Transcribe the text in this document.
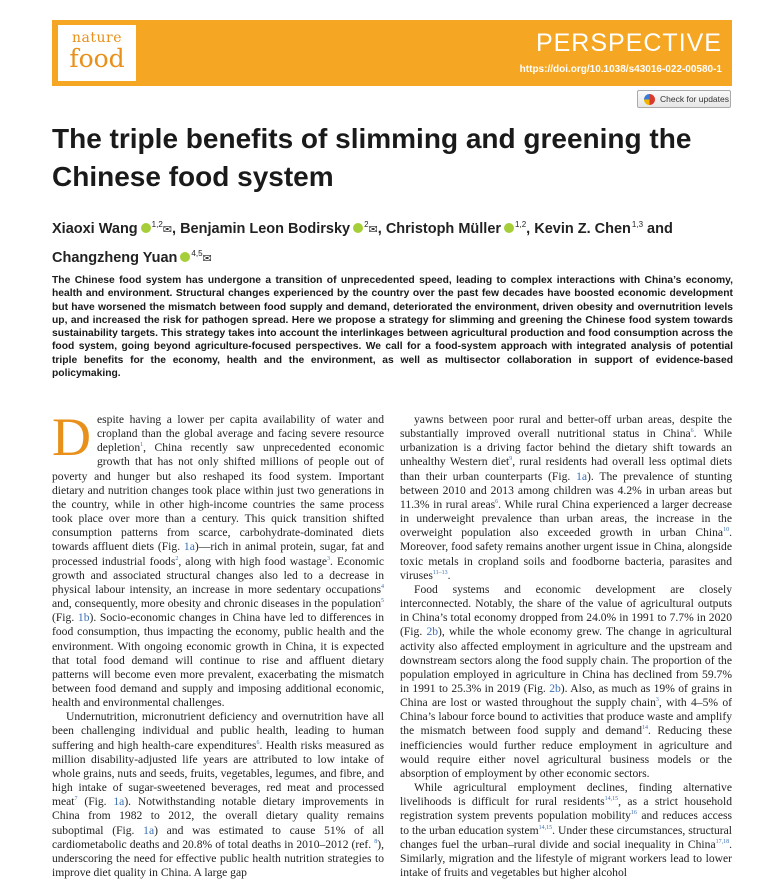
nature
food
PERSPECTIVE
https://doi.org/10.1038/s43016-022-00580-1
Check for updates
The triple benefits of slimming and greening the Chinese food system
Xiaoxi Wang $^{1,2}$✉, Benjamin Leon Bodirsky $^2$✉, Christoph Müller $^{1,2}$, Kevin Z. Chen$^{1,3}$ and Changzheng Yuan $^{4,5}$✉
The Chinese food system has undergone a transition of unprecedented speed, leading to complex interactions with China’s economy, health and environment. Structural changes experienced by the country over the past few decades have boosted economic development but have worsened the mismatch between food supply and demand, deteriorated the environment, driven obesity and overnutrition levels up, and increased the risk for pathogen spread. Here we propose a strategy for slimming and greening the Chinese food system towards sustainability targets. This strategy takes into account the interlinkages between agricultural production and food consumption across the food system, going beyond agriculture-focused perspectives. We call for a food-system approach with integrated analysis of potential triple benefits for the economy, health and the environment, as well as multisector collaboration in support of evidence-based policymaking.

Despite having a lower per capita availability of water and cropland than the global average and facing severe resource depletion$^1$, China recently saw unprecedented economic growth that has not only shifted millions of people out of poverty and hunger but also reshaped its food system. Important dietary and nutrition changes took place within just two generations in the country, while in other high-income countries the same process took place over more than a century. This quick transition shifted consumption patterns from scarce, carbohydrate-dominated diets towards affluent diets (Fig. 1a)—rich in animal protein, sugar, fat and processed industrial foods$^2$, along with high food wastage$^3$. Economic growth and associated structural changes also led to a decrease in physical labour intensity, an increase in more sedentary occupations$^4$ and, consequently, more obesity and chronic diseases in the population$^5$ (Fig. 1b). Socio-economic changes in China have led to differences in food consumption, thus impacting the economy, public health and the environment. With ongoing economic growth in China, it is expected that total food demand will continue to rise and affluent dietary patterns will become even more prevalent, exacerbating the mismatch between food demand and supply and imposing additional economic, health and environmental challenges.

Undernutrition, micronutrient deficiency and overnutrition have all been challenging individual and public health, leading to human suffering and high health-care expenditures$^6$. Health risks measured as million disability-adjusted life years are attributed to low intake of whole grains, nuts and seeds, fruits, vegetables, legumes, and fibre, and high intake of sugar-sweetened beverages, red meat and processed meat$^7$ (Fig. 1a). Notwithstanding notable dietary improvements in China from 1982 to 2012, the overall dietary quality remains suboptimal (Fig. 1a) and was estimated to cause 51% of all cardiometabolic deaths and 20.8% of total deaths in 2010–2012 (ref. $^8$), underscoring the need for effective public health nutrition strategies to improve diet quality in China. A large gap

yawns between poor rural and better-off urban areas, despite the substantially improved overall nutritional status in China$^6$. While urbanization is a driving factor behind the dietary shift towards an unhealthy Western diet$^9$, rural residents had overall less optimal diets than their urban counterparts (Fig. 1a). The prevalence of stunting between 2010 and 2013 among children was 4.2% in urban areas but 11.3% in rural areas$^6$. While rural China experienced a larger decrease in underweight prevalence than urban areas, the increase in the overweight population also exceeded growth in urban China$^{10}$. Moreover, food safety remains another urgent issue in China, alongside toxic metals in cropland soils and foodborne bacteria, parasites and viruses$^{11-13}$.

Food systems and economic development are closely interconnected. Notably, the share of the value of agricultural outputs in China’s total economy dropped from 24.0% in 1991 to 7.7% in 2020 (Fig. 2b), while the whole economy grew. The change in agricultural activity also affected employment in agriculture and the upstream and downstream sectors along the food supply chain. The proportion of the population employed in agriculture in China has declined from 59.7% in 1991 to 25.3% in 2019 (Fig. 2b). Also, as much as 19% of grains in China are lost or wasted throughout the supply chain$^3$, with 4–5% of China’s labour force bound to activities that produce waste and amplify the mismatch between food supply and demand$^{14}$. Reducing these inefficiencies would further reduce employment in agriculture and would require either novel agricultural business models or the absorption of employment by other economic sectors.

While agricultural employment declines, finding alternative livelihoods is difficult for rural residents$^{14,15}$, as a strict household registration system prevents population mobility$^{16}$ and reduces access to the urban education system$^{14,15}$. Under these circumstances, structural changes fuel the urban–rural divide and social inequality in China$^{17,18}$. Similarly, migration and the lifestyle of migrant workers lead to lower intake of fruits and vegetables but higher alcohol
